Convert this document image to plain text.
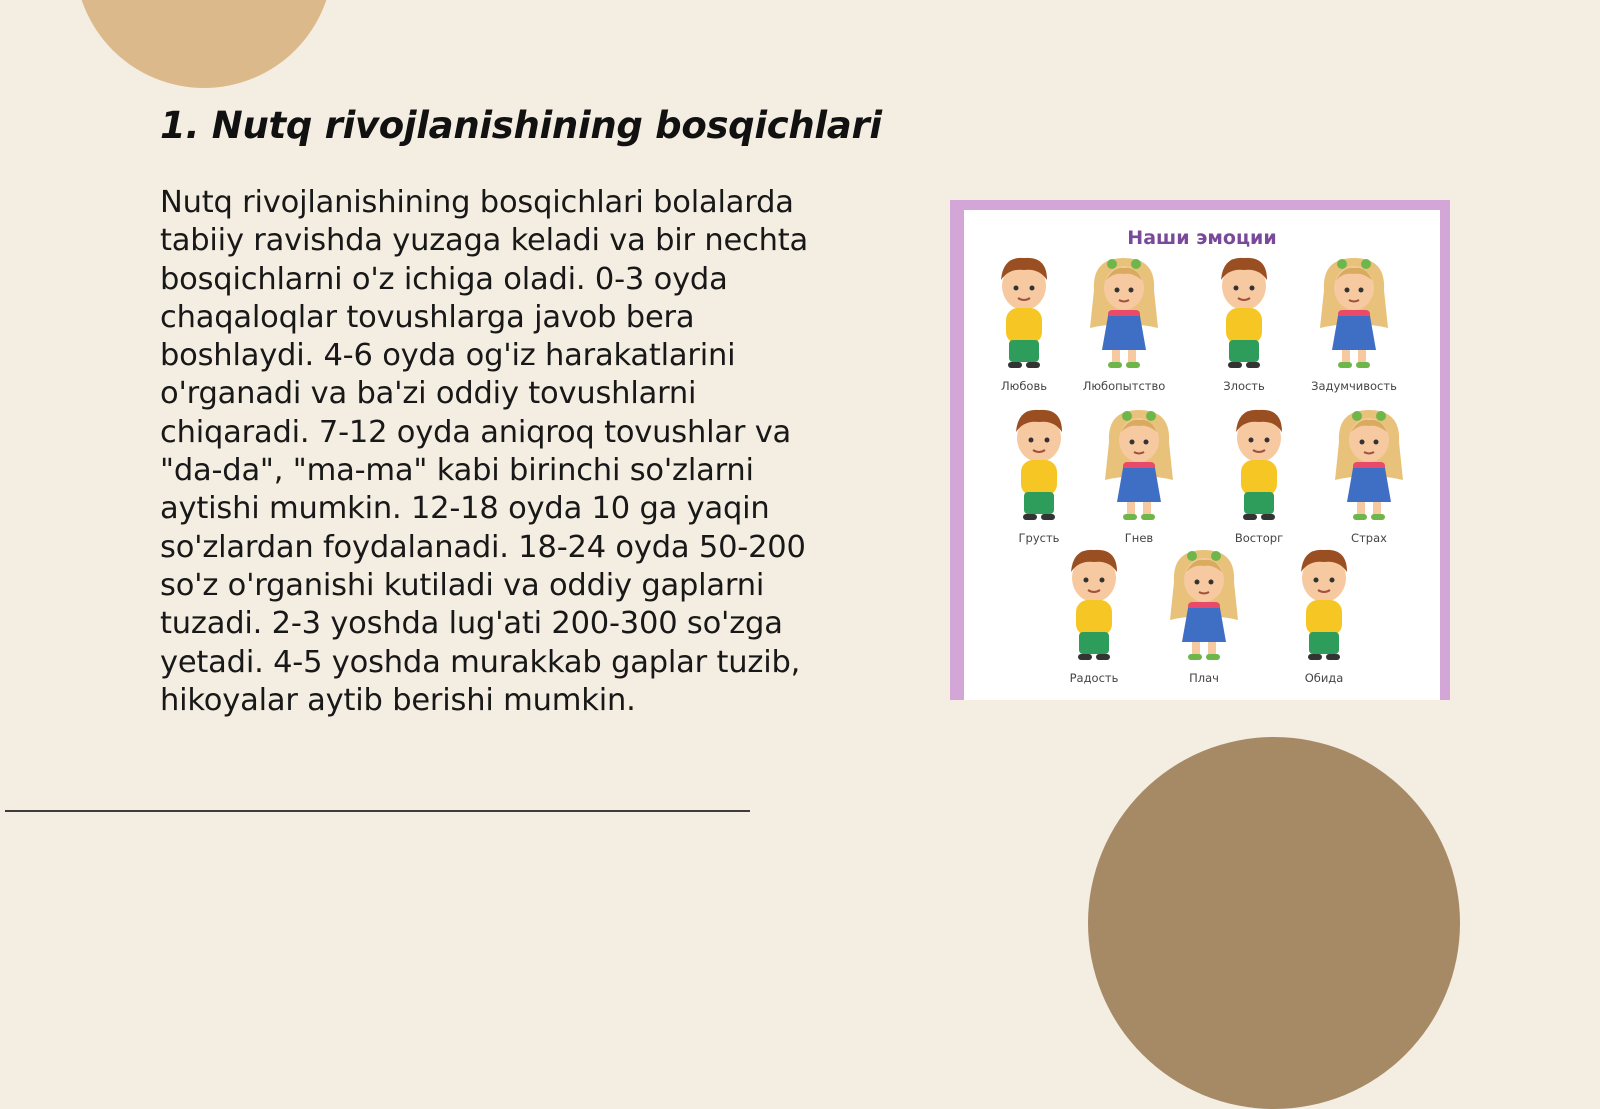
1. Nutq rivojlanishining bosqichlari

Nutq rivojlanishining bosqichlari bolalarda tabiiy ravishda yuzaga keladi va bir nechta bosqichlarni o'z ichiga oladi. 0-3 oyda chaqaloqlar tovushlarga javob bera boshlaydi. 4-6 oyda og'iz harakatlarini o'rganadi va ba'zi oddiy tovushlarni chiqaradi. 7-12 oyda aniqroq tovushlar va "da-da", "ma-ma" kabi birinchi so'zlarni aytishi mumkin. 12-18 oyda 10 ga yaqin so'zlardan foydalanadi. 18-24 oyda 50-200 so'z o'rganishi kutiladi va oddiy gaplarni tuzadi. 2-3 yoshda lug'ati 200-300 so'zga yetadi. 4-5 yoshda murakkab gaplar tuzib, hikoyalar aytib berishi mumkin.

Наши эмоции
Любовь	Любопытство	Злость	Задумчивость
Грусть	Гнев	Восторг	Страх
Радость	Плач	Обида
